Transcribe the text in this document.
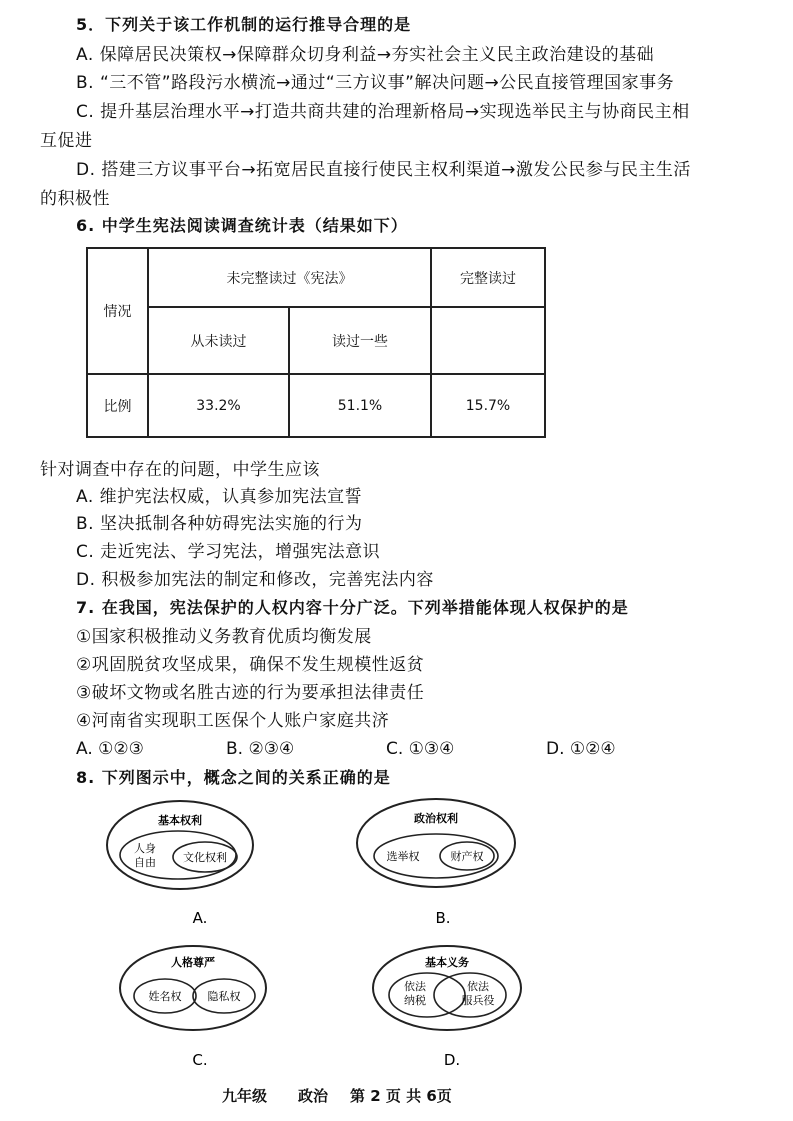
5．下列关于该工作机制的运行推导合理的是
A. 保障居民决策权→保障群众切身利益→夯实社会主义民主政治建设的基础
B. “三不管”路段污水横流→通过“三方议事”解决问题→公民直接管理国家事务
C. 提升基层治理水平→打造共商共建的治理新格局→实现选举民主与协商民主相
互促进
D. 搭建三方议事平台→拓宽居民直接行使民主权利渠道→激发公民参与民主生活
的积极性
6. 中学生宪法阅读调查统计表（结果如下）
情况	未完整读过《宪法》		完整读过
	从未读过	读过一些	
比例	33.2%	51.1%	15.7%
针对调查中存在的问题，中学生应该
A. 维护宪法权威，认真参加宪法宣誓
B. 坚决抵制各种妨碍宪法实施的行为
C. 走近宪法、学习宪法，增强宪法意识
D. 积极参加宪法的制定和修改，完善宪法内容
7. 在我国，宪法保护的人权内容十分广泛。下列举措能体现人权保护的是
①国家积极推动义务教育优质均衡发展
②巩固脱贫攻坚成果，确保不发生规模性返贫
③破坏文物或名胜古迹的行为要承担法律责任
④河南省实现职工医保个人账户家庭共济
A. ①②③	B. ②③④	C. ①③④	D. ①②④
8. 下列图示中，概念之间的关系正确的是
基本权利
人身
自由 文化权利
A.
政治权利
选举权	财产权
B.
人格尊严
姓名权 隐私权
C.
基本义务
依法
纳税
依法
服兵役
D.
九年级 政治 第 2 页 共 6页
